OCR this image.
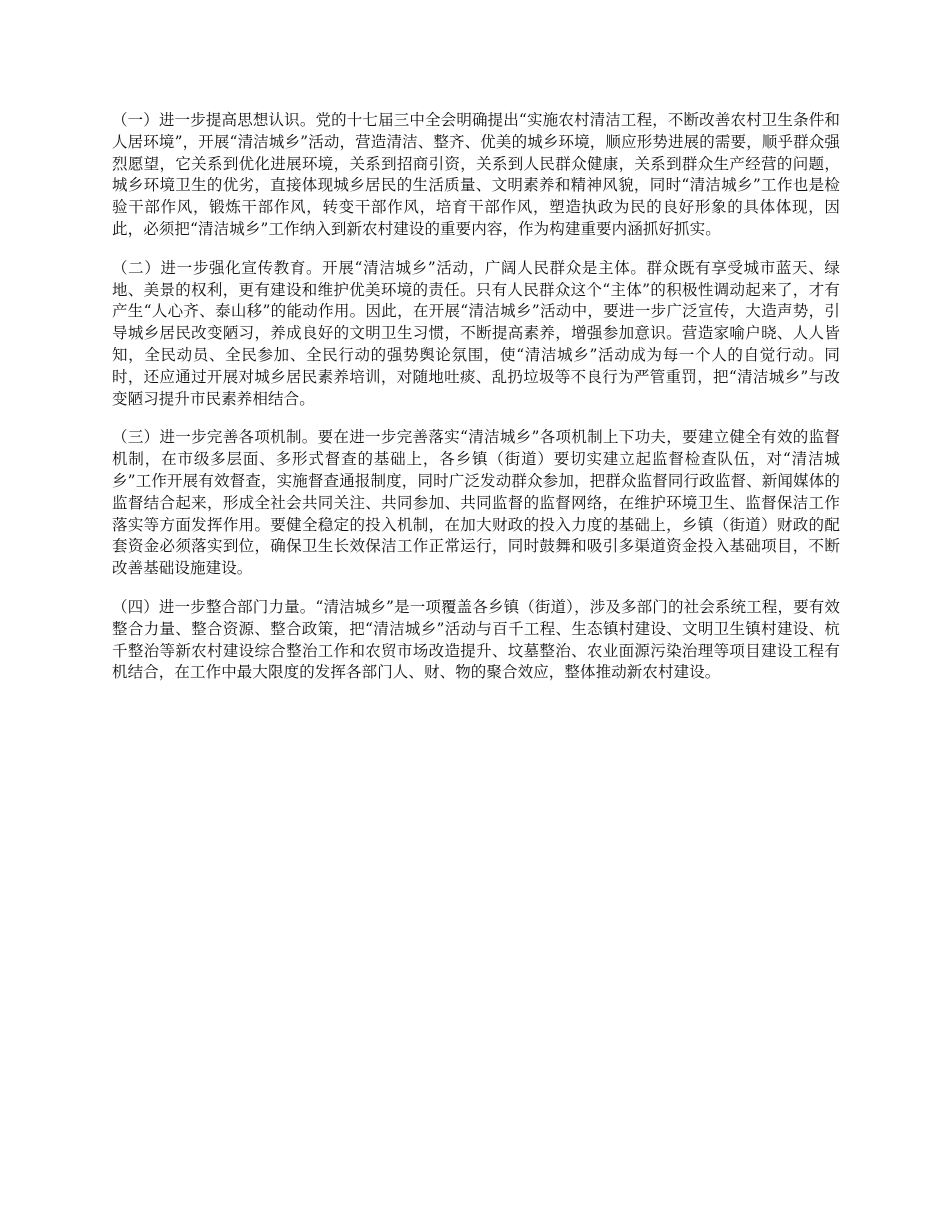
（一）进一步提高思想认识。党的十七届三中全会明确提出“实施农村清洁工程，不断改善农村卫生条件和人居环境”，开展“清洁城乡”活动，营造清洁、整齐、优美的城乡环境，顺应形势进展的需要，顺乎群众强烈愿望，它关系到优化进展环境，关系到招商引资，关系到人民群众健康，关系到群众生产经营的问题，城乡环境卫生的优劣，直接体现城乡居民的生活质量、文明素养和精神风貌，同时“清洁城乡”工作也是检验干部作风，锻炼干部作风，转变干部作风，培育干部作风，塑造执政为民的良好形象的具体体现，因此，必须把“清洁城乡”工作纳入到新农村建设的重要内容，作为构建重要内涵抓好抓实。

（二）进一步强化宣传教育。开展“清洁城乡”活动，广阔人民群众是主体。群众既有享受城市蓝天、绿地、美景的权利，更有建设和维护优美环境的责任。只有人民群众这个“主体”的积极性调动起来了，才有产生“人心齐、泰山移”的能动作用。因此，在开展“清洁城乡”活动中，要进一步广泛宣传，大造声势，引导城乡居民改变陋习，养成良好的文明卫生习惯，不断提高素养，增强参加意识。营造家喻户晓、人人皆知，全民动员、全民参加、全民行动的强势舆论氛围，使“清洁城乡”活动成为每一个人的自觉行动。同时，还应通过开展对城乡居民素养培训，对随地吐痰、乱扔垃圾等不良行为严管重罚，把“清洁城乡”与改变陋习提升市民素养相结合。

（三）进一步完善各项机制。要在进一步完善落实“清洁城乡”各项机制上下功夫，要建立健全有效的监督机制，在市级多层面、多形式督查的基础上，各乡镇（街道）要切实建立起监督检查队伍，对“清洁城乡”工作开展有效督查，实施督查通报制度，同时广泛发动群众参加，把群众监督同行政监督、新闻媒体的监督结合起来，形成全社会共同关注、共同参加、共同监督的监督网络，在维护环境卫生、监督保洁工作落实等方面发挥作用。要健全稳定的投入机制，在加大财政的投入力度的基础上，乡镇（街道）财政的配套资金必须落实到位，确保卫生长效保洁工作正常运行，同时鼓舞和吸引多渠道资金投入基础项目，不断改善基础设施建设。

（四）进一步整合部门力量。“清洁城乡”是一项覆盖各乡镇（街道），涉及多部门的社会系统工程，要有效整合力量、整合资源、整合政策，把“清洁城乡”活动与百千工程、生态镇村建设、文明卫生镇村建设、杭千整治等新农村建设综合整治工作和农贸市场改造提升、坟墓整治、农业面源污染治理等项目建设工程有机结合，在工作中最大限度的发挥各部门人、财、物的聚合效应，整体推动新农村建设。
